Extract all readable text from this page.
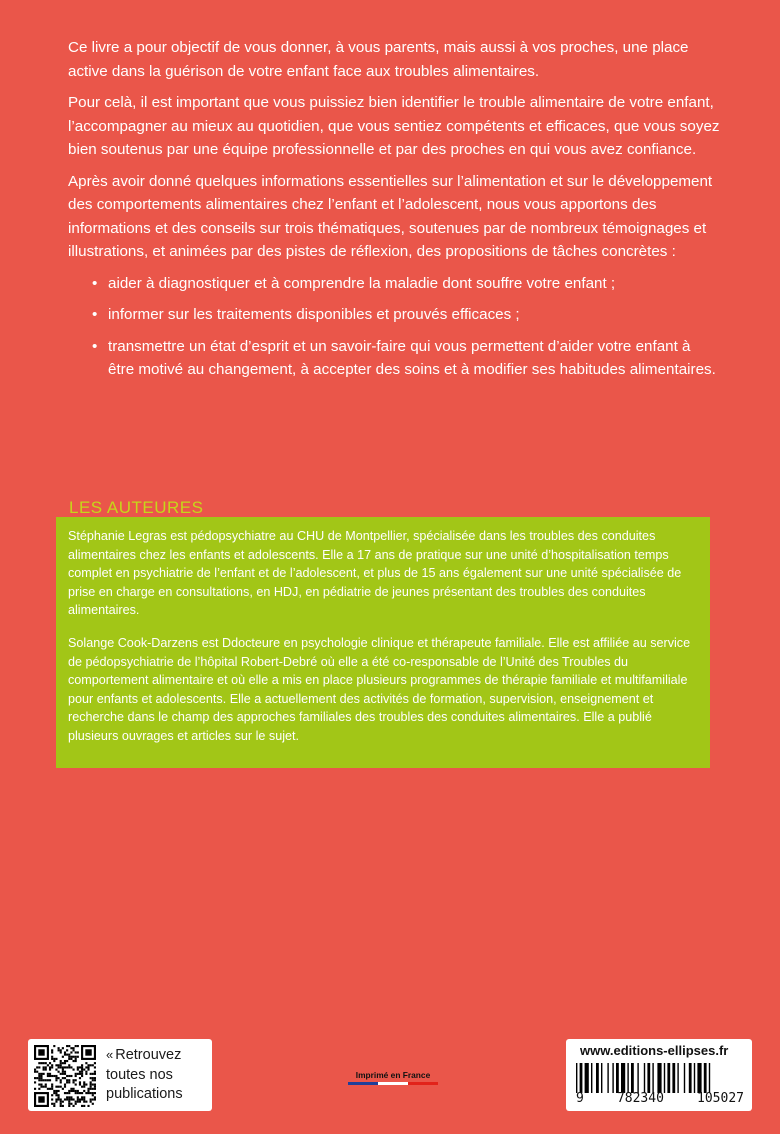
Ce livre a pour objectif de vous donner, à vous parents, mais aussi à vos proches, une place active dans la guérison de votre enfant face aux troubles alimentaires.

Pour celà, il est important que vous puissiez bien identifier le trouble alimentaire de votre enfant, l’accompagner au mieux au quotidien, que vous sentiez compétents et efficaces, que vous soyez bien soutenus par une équipe professionnelle et par des proches en qui vous avez confiance.

Après avoir donné quelques informations essentielles sur l’alimentation et sur le développement des comportements alimentaires chez l’enfant et l’adolescent, nous vous apportons des informations et des conseils sur trois thématiques, soutenues par de nombreux témoignages et illustrations, et animées par des pistes de réflexion, des propositions de tâches concrètes :

• aider à diagnostiquer et à comprendre la maladie dont souffre votre enfant ;
• informer sur les traitements disponibles et prouvés efficaces ;
• transmettre un état d’esprit et un savoir-faire qui vous permettent d’aider votre enfant à être motivé au changement, à accepter des soins et à modifier ses habitudes alimentaires.
LES AUTEURES

Stéphanie Legras est pédopsychiatre au CHU de Montpellier, spécialisée dans les troubles des conduites alimentaires chez les enfants et adolescents. Elle a 17 ans de pratique sur une unité d’hospitalisation temps complet en psychiatrie de l’enfant et de l’adolescent, et plus de 15 ans également sur une unité spécialisée de prise en charge en consultations, en HDJ, en pédiatrie de jeunes présentant des troubles des conduites alimentaires.

Solange Cook-Darzens est Ddocteure en psychologie clinique et thérapeute familiale. Elle est affiliée au service de pédopsychiatrie de l’hôpital Robert-Debré où elle a été co-responsable de l’Unité des Troubles du comportement alimentaire et où elle a mis en place plusieurs programmes de thérapie familiale et multifamiliale pour enfants et adolescents. Elle a actuellement des activités de formation, supervision, enseignement et recherche dans le champ des approches familiales des troubles des conduites alimentaires. Elle a publié plusieurs ouvrages et articles sur le sujet.

« Retrouvez
toutes nos
publications
Imprimé en France
www.editions-ellipses.fr
9	782340	105027
